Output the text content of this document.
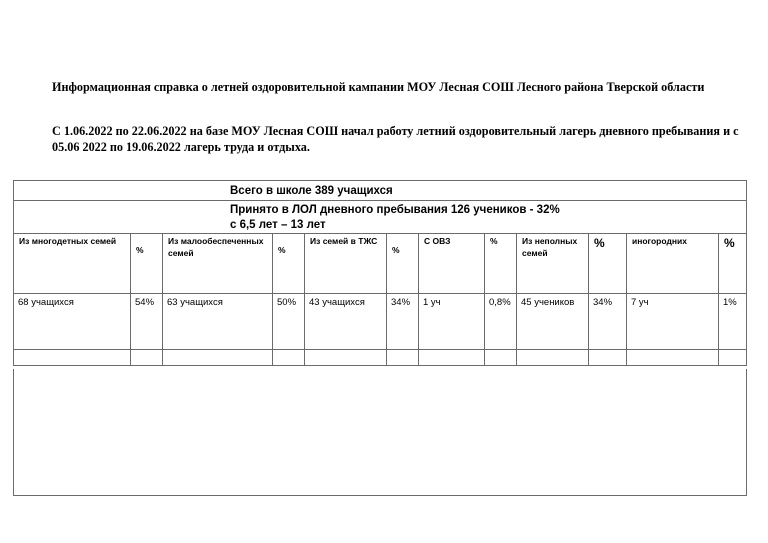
Информационная справка о летней оздоровительной кампании МОУ Лесная СОШ Лесного района Тверской области
С 1.06.2022 по 22.06.2022 на базе МОУ Лесная СОШ начал работу летний оздоровительный лагерь дневного пребывания и с 05.06 2022 по 19.06.2022 лагерь труда и отдыха.
Всего в школе 389 учащихся											

Принято в ЛОЛ дневного пребывания 126 учеников - 32%
с 6,5 лет – 13 лет											

Из многодетных семей	%	Из малообеспеченных семей	%	Из семей в ТЖС	%	С ОВЗ	%	Из неполных семей	%	иногородних	%

68 учащихся	54%	63 учащихся	50%	43 учащихся	34%	1 уч	0,8%	45 учеников	34%	7 уч	1%
